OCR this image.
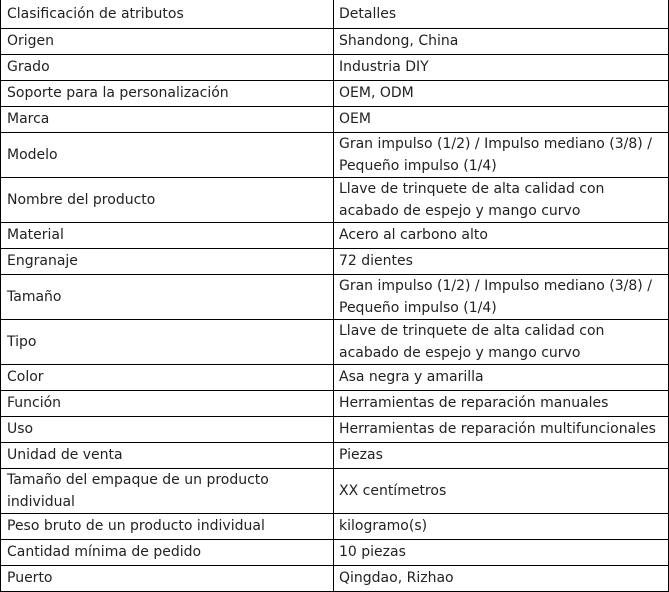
Clasificación de atributos	Detalles
Origen	Shandong, China
Grado	Industria DIY
Soporte para la personalización	OEM, ODM
Marca	OEM
Modelo	Gran impulso (1/2) / Impulso mediano (3/8) / Pequeño impulso (1/4)
Nombre del producto	Llave de trinquete de alta calidad con acabado de espejo y mango curvo
Material	Acero al carbono alto
Engranaje	72 dientes
Tamaño	Gran impulso (1/2) / Impulso mediano (3/8) / Pequeño impulso (1/4)
Tipo	Llave de trinquete de alta calidad con acabado de espejo y mango curvo
Color	Asa negra y amarilla
Función	Herramientas de reparación manuales
Uso	Herramientas de reparación multifuncionales
Unidad de venta	Piezas
Tamaño del empaque de un producto individual	XX centímetros
Peso bruto de un producto individual	kilogramo(s)
Cantidad mínima de pedido	10 piezas
Puerto	Qingdao, Rizhao
